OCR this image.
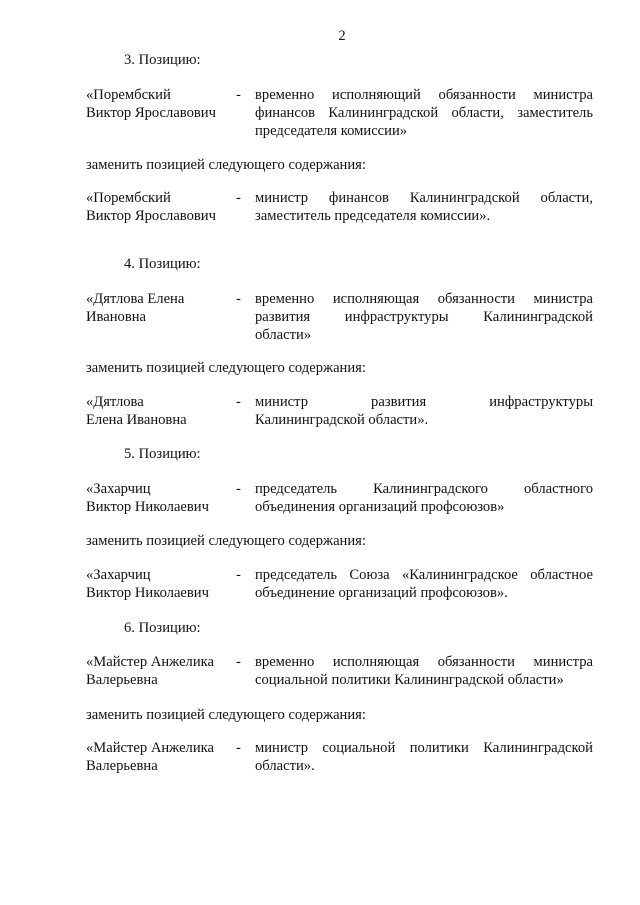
2
3. Позицию:
«Порембский
Виктор Ярославович
- временно исполняющий обязанности министра
финансов Калининградской области, заместитель
председателя комиссии»
заменить позицией следующего содержания:
«Порембский
Виктор Ярославович
- министр финансов Калининградской области,
заместитель председателя комиссии».
4. Позицию:
«Дятлова Елена
Ивановна
- временно исполняющая обязанности министра
развития инфраструктуры Калининградской
области»
заменить позицией следующего содержания:
«Дятлова
Елена Ивановна
- министр развития инфраструктуры
Калининградской области».
5. Позицию:
«Захарчиц
Виктор Николаевич
- председатель Калининградского областного
объединения организаций профсоюзов»
заменить позицией следующего содержания:
«Захарчиц
Виктор Николаевич
- председатель Союза «Калининградское областное
объединение организаций профсоюзов».
6. Позицию:
«Майстер Анжелика
Валерьевна
- временно исполняющая обязанности министра
социальной политики Калининградской области»
заменить позицией следующего содержания:
«Майстер Анжелика
Валерьевна
- министр социальной политики Калининградской
области».
